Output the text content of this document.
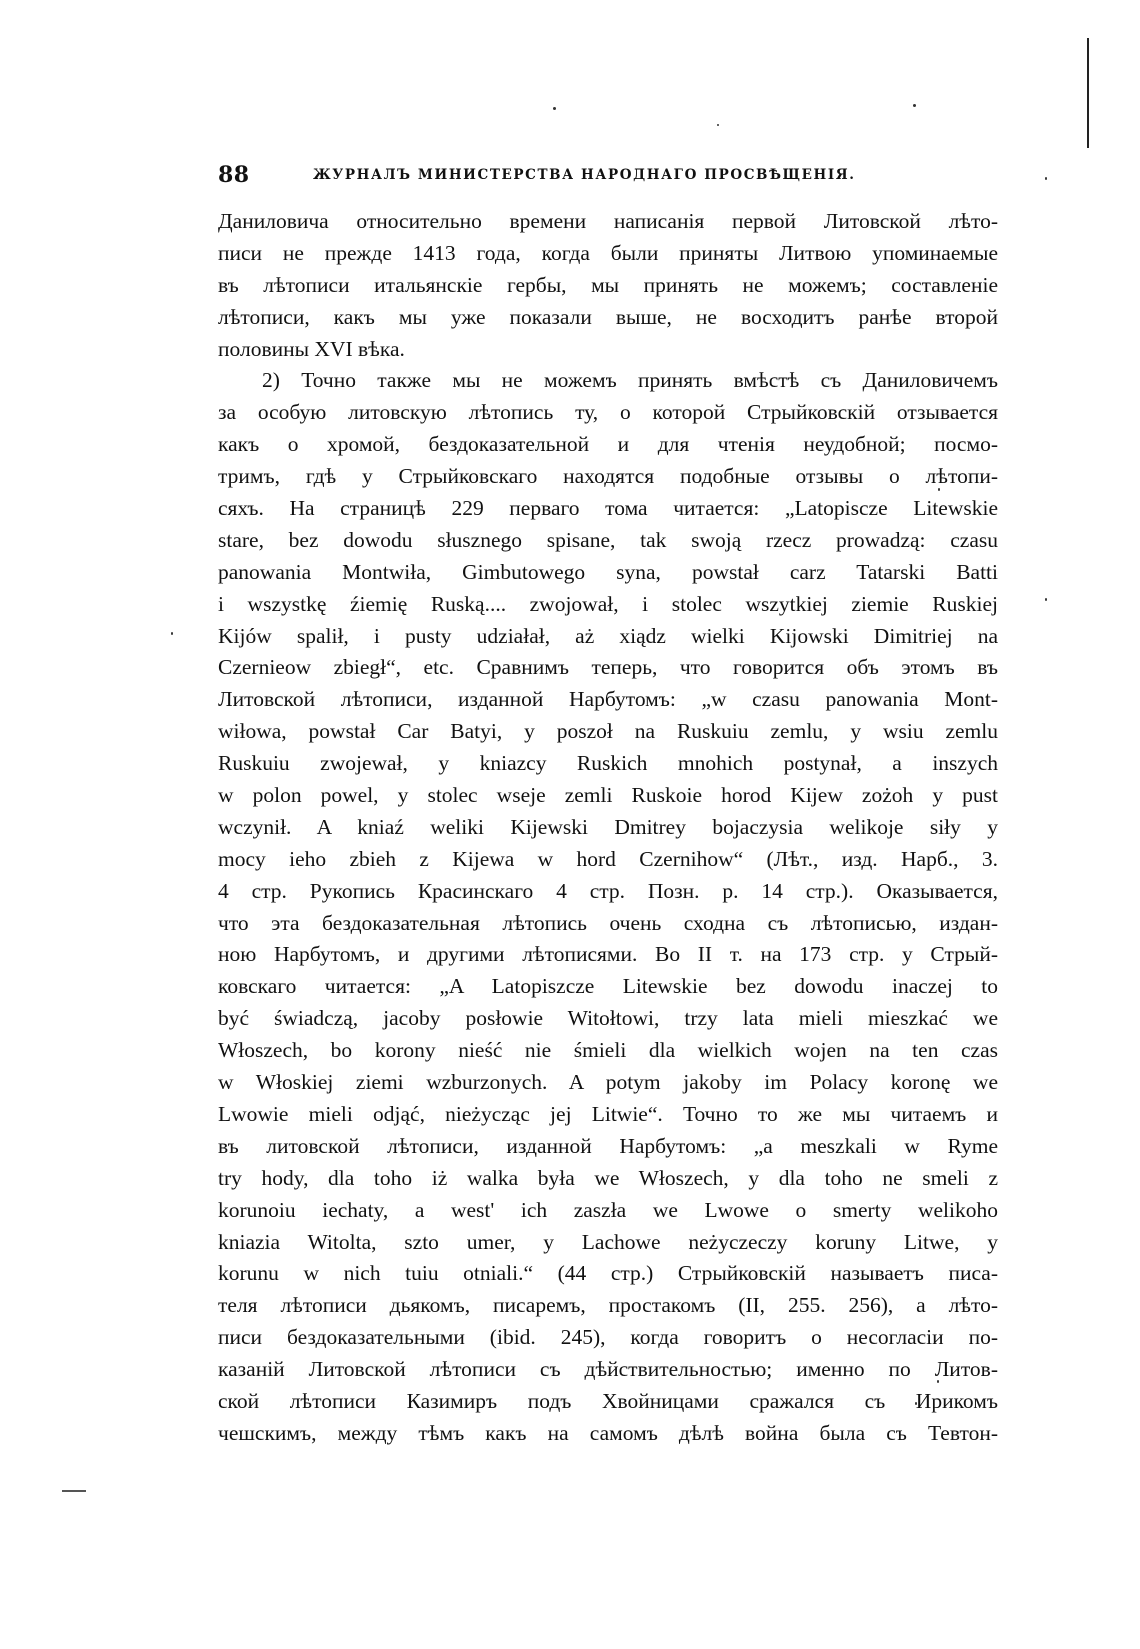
88	ЖУРНАЛЪ МИНИСТЕРСТВА НАРОДНАГО ПРОСВѢЩЕНІЯ.
Даниловича относительно времени написанія первой Литовской лѣто-
писи не прежде 1413 года, когда были приняты Литвою упоминаемые
въ лѣтописи итальянскіе гербы, мы принять не можемъ; составленіе
лѣтописи, какъ мы уже показали выше, не восходитъ ранѣе второй
половины XVI вѣка.
2) Точно также мы не можемъ принять вмѣстѣ съ Даниловичемъ
за особую литовскую лѣтопись ту, о которой Стрыйковскій отзывается
какъ о хромой, бездоказательной и для чтенія неудобной; посмо-
тримъ, гдѣ у Стрыйковскаго находятся подобные отзывы о лѣтопи-
сяхъ. На страницѣ 229 перваго тома читается: „Latopiscze Litewskie
stare, bez dowodu słusznego spisane, tak swoją rzecz prowadzą: czasu
panowania Montwiła, Gimbutowego syna, powstał carz Tatarski Batti
i wszystkę źiemię Ruską.... zwojował, i stolec wszytkiej ziemie Ruskiej
Kijów spalił, i pusty udziałał, aż xiądz wielki Kijowski Dimitriej na
Czernieow zbiegł“, etc. Сравнимъ теперь, что говорится объ этомъ въ
Литовской лѣтописи, изданной Нарбутомъ: „w czasu panowania Mont-
wiłowa, powstał Car Batyi, y poszoł na Ruskuiu zemlu, y wsiu zemlu
Ruskuiu zwojewał, y kniazcy Ruskich mnohich postynał, a inszych
w polon powel, y stolec wseje zemli Ruskoie horod Kijew zożoh y pust
wczynił. A kniaź weliki Kijewski Dmitrey bojaczysia welikoje siły y
mocy ieho zbieh z Kijewa w hord Czernihow“ (Лѣт., изд. Нарб., 3.
4 стр. Рукопись Красинскаго 4 стр. Позн. р. 14 стр.). Оказывается,
что эта бездоказательная лѣтопись очень сходна съ лѣтописью, издан-
ною Нарбутомъ, и другими лѣтописями. Во II т. на 173 стр. у Стрый-
ковскаго читается: „A Latopiszcze Litewskie bez dowodu inaczej to
być świadczą, jacoby posłowie Witołtowi, trzy lata mieli mieszkać we
Włoszech, bo korony nieść nie śmieli dla wielkich wojen na ten czas
w Włoskiej ziemi wzburzonych. A potym jakoby im Polacy koronę we
Lwowie mieli odjąć, nieżycząc jej Litwie“. Точно то же мы читаемъ и
въ литовской лѣтописи, изданной Нарбутомъ: „a meszkali w Ryme
try hody, dla toho iż walka była we Włoszech, y dla toho ne smeli z
korunoiu iechaty, a west' ich zaszła we Lwowe o smerty welikoho
kniazia Witolta, szto umer, y Lachowe neżyczeczy koruny Litwe, y
korunu w nich tuiu otniali.“ (44 стр.) Стрыйковскій называетъ писа-
теля лѣтописи дьякомъ, писаремъ, простакомъ (II, 255. 256), а лѣто-
писи бездоказательными (ibid. 245), когда говоритъ о несогласіи по-
казаній Литовской лѣтописи съ дѣйствительностью; именно по Литов-
ской лѣтописи Казимиръ подъ Хвойницами сражался съ Ирикомъ
чешскимъ, между тѣмъ какъ на самомъ дѣлѣ война была съ Тевтон-
